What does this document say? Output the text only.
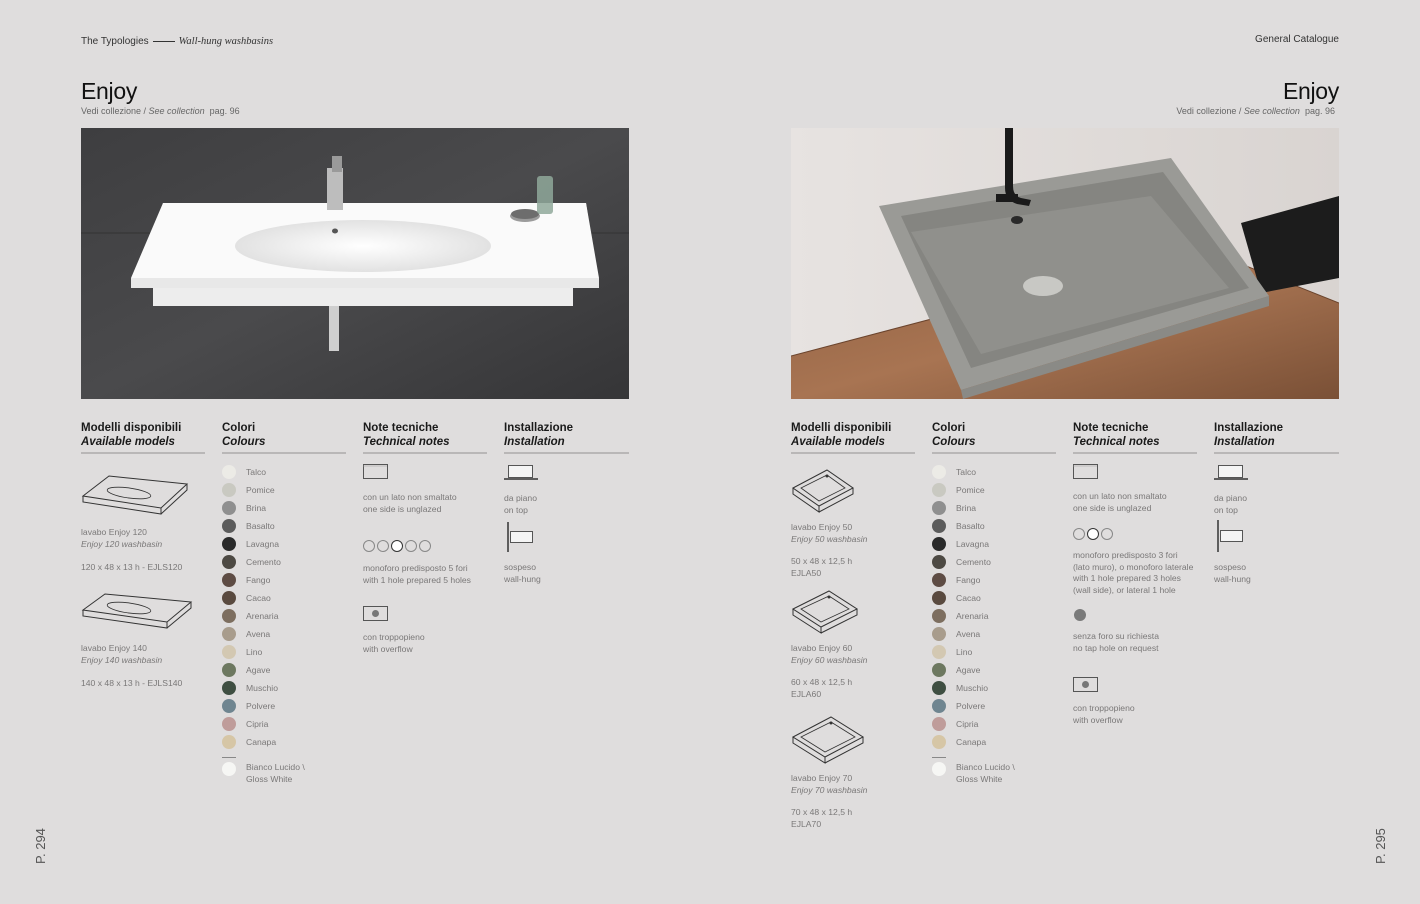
The Typologies	Wall-hung washbasins	General Catalogue
Enjoy
Vedi collezione / See collection pag. 96
Modelli disponibili
Available models
Colori
Colours
Note tecniche
Technical notes
Installazione
Installation
lavabo Enjoy 120
Enjoy 120 washbasin
120 x 48 x 13 h - EJLS120
lavabo Enjoy 140
Enjoy 140 washbasin
140 x 48 x 13 h - EJLS140
Talco
Pomice
Brina
Basalto
Lavagna
Cemento
Fango
Cacao
Arenaria
Avena
Lino
Agave
Muschio
Polvere
Cipria
Canapa
Bianco Lucido \
Gloss White
con un lato non smaltato
one side is unglazed
monoforo predisposto 5 fori
with 1 hole prepared 5 holes
con troppopieno
with overflow
da piano
on top
sospeso
wall-hung
P. 294
Enjoy
Vedi collezione / See collection pag. 96
Modelli disponibili
Available models
Colori
Colours
Note tecniche
Technical notes
Installazione
Installation
lavabo Enjoy 50
Enjoy 50 washbasin
50 x 48 x 12,5 h
EJLA50
lavabo Enjoy 60
Enjoy 60 washbasin
60 x 48 x 12,5 h
EJLA60
lavabo Enjoy 70
Enjoy 70 washbasin
70 x 48 x 12,5 h
EJLA70
Talco
Pomice
Brina
Basalto
Lavagna
Cemento
Fango
Cacao
Arenaria
Avena
Lino
Agave
Muschio
Polvere
Cipria
Canapa
Bianco Lucido \
Gloss White
con un lato non smaltato
one side is unglazed
monoforo predisposto 3 fori
(lato muro), o monoforo laterale
with 1 hole prepared 3 holes
(wall side), or lateral 1 hole
senza foro su richiesta
no tap hole on request
con troppopieno
with overflow
da piano
on top
sospeso
wall-hung
P. 295
